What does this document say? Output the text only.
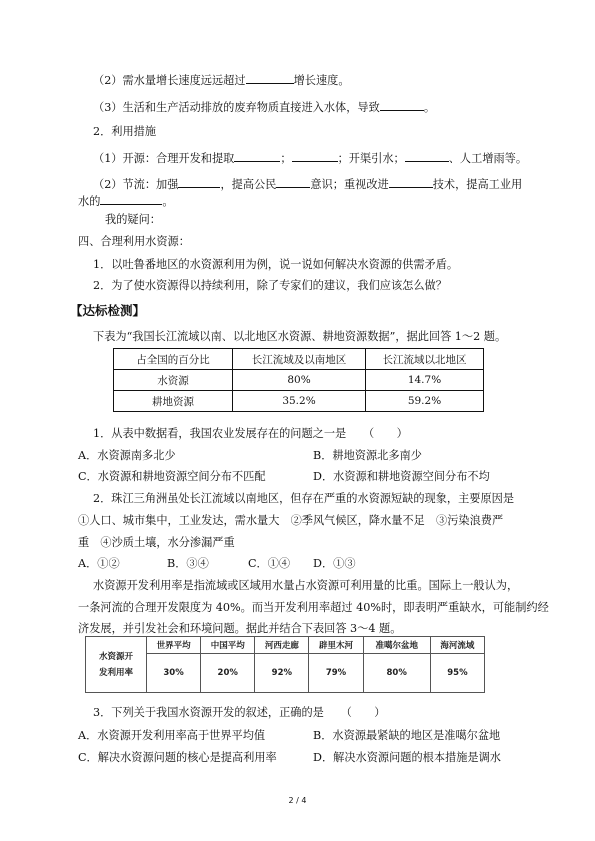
（2）需水量增长速度远远超过	增长速度。
（3）生活和生产活动排放的废弃物质直接进入水体，导致	。
2．利用措施
（1）开源：合理开发和提取	；	；开渠引水；	、人工增雨等。
（2）节流：加强	，提高公民	意识；重视改进	技术，提高工业用
水的	。
我的疑问：
四、合理利用水资源：
1．以吐鲁番地区的水资源利用为例，说一说如何解决水资源的供需矛盾。
2．为了使水资源得以持续利用，除了专家们的建议，我们应该怎么做？
【达标检测】
下表为“我国长江流域以南、以北地区水资源、耕地资源数据”，据此回答 1～2 题。
占全国的百分比	长江流域及以南地区	长江流域以北地区
水资源	80%	14.7%
耕地资源	35.2%	59.2%
1．从表中数据看，我国农业发展存在的问题之一是　　（　　）
A．水资源南多北少	B．耕地资源北多南少
C．水资源和耕地资源空间分布不匹配	D．水资源和耕地资源空间分布不均
2．珠江三角洲虽处长江流域以南地区，但存在严重的水资源短缺的现象，主要原因是
①人口、城市集中，工业发达，需水量大　②季风气候区，降水量不足　③污染浪费严
重　④沙质土壤，水分渗漏严重
A．①②	B．③④	C．①④ D．①③
水资源开发利用率是指流域或区域用水量占水资源可利用量的比重。国际上一般认为，
一条河流的合理开发限度为 40%。而当开发利用率超过 40%时，即表明严重缺水，可能制约经
济发展，并引发社会和环境问题。据此并结合下表回答 3～4 题。
水资源开
发利用率	世界平均	中国平均	河西走廊	辟里木河	准噶尔盆地	海河流域
	30%	20%	92%	79%	80%	95%
3．下列关于我国水资源开发的叙述，正确的是　　（　　）
A．水资源开发利用率高于世界平均值	B．水资源最紧缺的地区是准噶尔盆地
C．解决水资源问题的核心是提高利用率	D．解决水资源问题的根本措施是调水
2 / 4
